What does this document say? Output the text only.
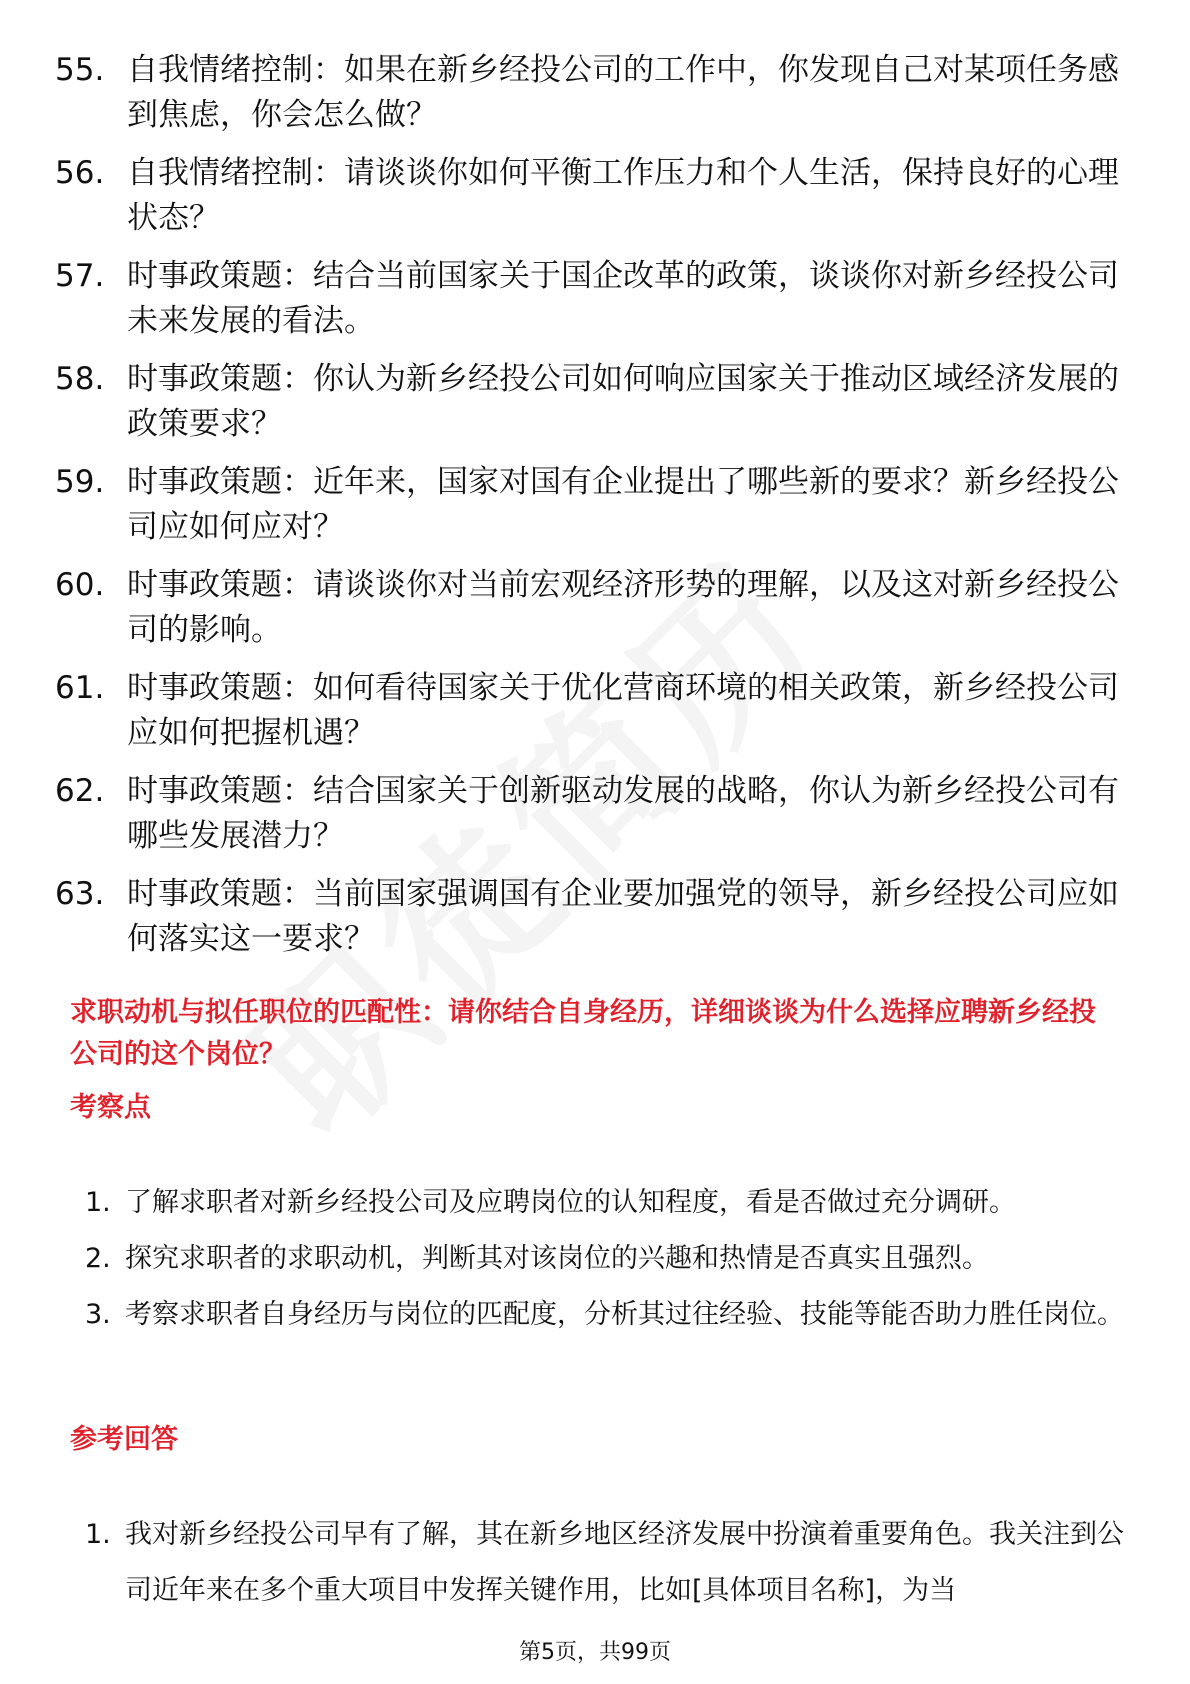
55. 自我情绪控制：如果在新乡经投公司的工作中，你发现自己对某项任务感到焦虑，你会怎么做？
56. 自我情绪控制：请谈谈你如何平衡工作压力和个人生活，保持良好的心理状态？
57. 时事政策题：结合当前国家关于国企改革的政策，谈谈你对新乡经投公司未来发展的看法。
58. 时事政策题：你认为新乡经投公司如何响应国家关于推动区域经济发展的政策要求？
59. 时事政策题：近年来，国家对国有企业提出了哪些新的要求？新乡经投公司应如何应对？
60. 时事政策题：请谈谈你对当前宏观经济形势的理解，以及这对新乡经投公司的影响。
61. 时事政策题：如何看待国家关于优化营商环境的相关政策，新乡经投公司应如何把握机遇？
62. 时事政策题：结合国家关于创新驱动发展的战略，你认为新乡经投公司有哪些发展潜力？
63. 时事政策题：当前国家强调国有企业要加强党的领导，新乡经投公司应如何落实这一要求？
求职动机与拟任职位的匹配性：请你结合自身经历，详细谈谈为什么选择应聘新乡经投公司的这个岗位？
考察点
1. 了解求职者对新乡经投公司及应聘岗位的认知程度，看是否做过充分调研。
2. 探究求职者的求职动机，判断其对该岗位的兴趣和热情是否真实且强烈。
3. 考察求职者自身经历与岗位的匹配度，分析其过往经验、技能等能否助力胜任岗位。
参考回答
1. 我对新乡经投公司早有了解，其在新乡地区经济发展中扮演着重要角色。我关注到公司近年来在多个重大项目中发挥关键作用，比如[具体项目名称]，为当
第5页，共99页
